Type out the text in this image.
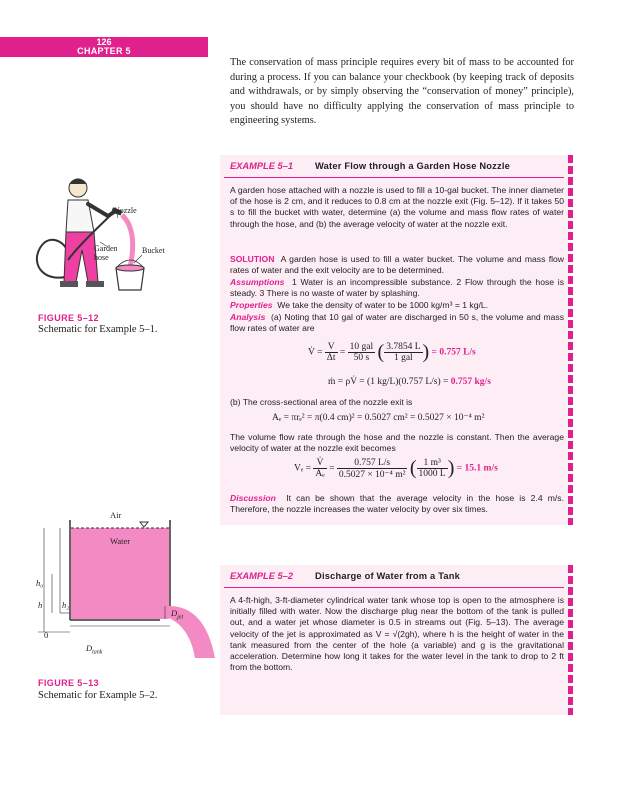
126
CHAPTER 5
The conservation of mass principle requires every bit of mass to be accounted for during a process. If you can balance your checkbook (by keeping track of deposits and withdrawals, or by simply observing the “conservation of money” principle), you should have no difficulty applying the conservation of mass principle to engineering systems.
Nozzle
Garden
hose
Bucket
FIGURE 5–12
Schematic for Example 5–1.
EXAMPLE 5–1 Water Flow through a Garden Hose Nozzle
A garden hose attached with a nozzle is used to fill a 10-gal bucket. The inner diameter of the hose is 2 cm, and it reduces to 0.8 cm at the nozzle exit (Fig. 5–12). If it takes 50 s to fill the bucket with water, determine (a) the volume and mass flow rates of water through the hose, and (b) the average velocity of water at the nozzle exit.
SOLUTION A garden hose is used to fill a water bucket. The volume and mass flow rates of water and the exit velocity are to be determined.
Assumptions 1 Water is an incompressible substance. 2 Flow through the hose is steady. 3 There is no waste of water by splashing.
Properties We take the density of water to be 1000 kg/m³ = 1 kg/L.
Analysis (a) Noting that 10 gal of water are discharged in 50 s, the volume and mass flow rates of water are
V̇ = $\frac{V}{\Delta t}$ =
10 gal
50 s ( 3.7854 L
1 gal ) = 0.757 L/s
ṁ = ρV̇ = (1 kg/L)(0.757 L/s) = 0.757 kg/s
(b) The cross-sectional area of the nozzle exit is
Aₑ = πrₑ² = π(0.4 cm)² = 0.5027 cm² = 0.5027 × 10⁻⁴ m²
The volume flow rate through the hose and the nozzle is constant. Then the average velocity of water at the nozzle exit becomes
$V_e = \frac{V̇}{\text{Aₑ}} = \frac{0.757 L/s}{\text{0.5027 × 10⁻⁴ m²}}$ ( $\frac{\text{1 m³}}{1000 L}$ ) = 15.1 m/s
Discussion It can be shown that the average velocity in the hose is 2.4 m/s. Therefore, the nozzle increases the water velocity by over six times.
Air
Water
h₀
h h₂
0
$D_{jet}$
$D_{tank}$
FIGURE 5–13
Schematic for Example 5–2.
EXAMPLE 5–2 Discharge of Water from a Tank
A 4-ft-high, 3-ft-diameter cylindrical water tank whose top is open to the atmosphere is initially filled with water. Now the discharge plug near the bottom of the tank is pulled out, and a water jet whose diameter is 0.5 in streams out (Fig. 5–13). The average velocity of the jet is approximated as V = √(2gh), where h is the height of water in the tank measured from the center of the hole (a variable) and g is the gravitational acceleration. Determine how long it takes for the water level in the tank to drop to 2 ft from the bottom.
